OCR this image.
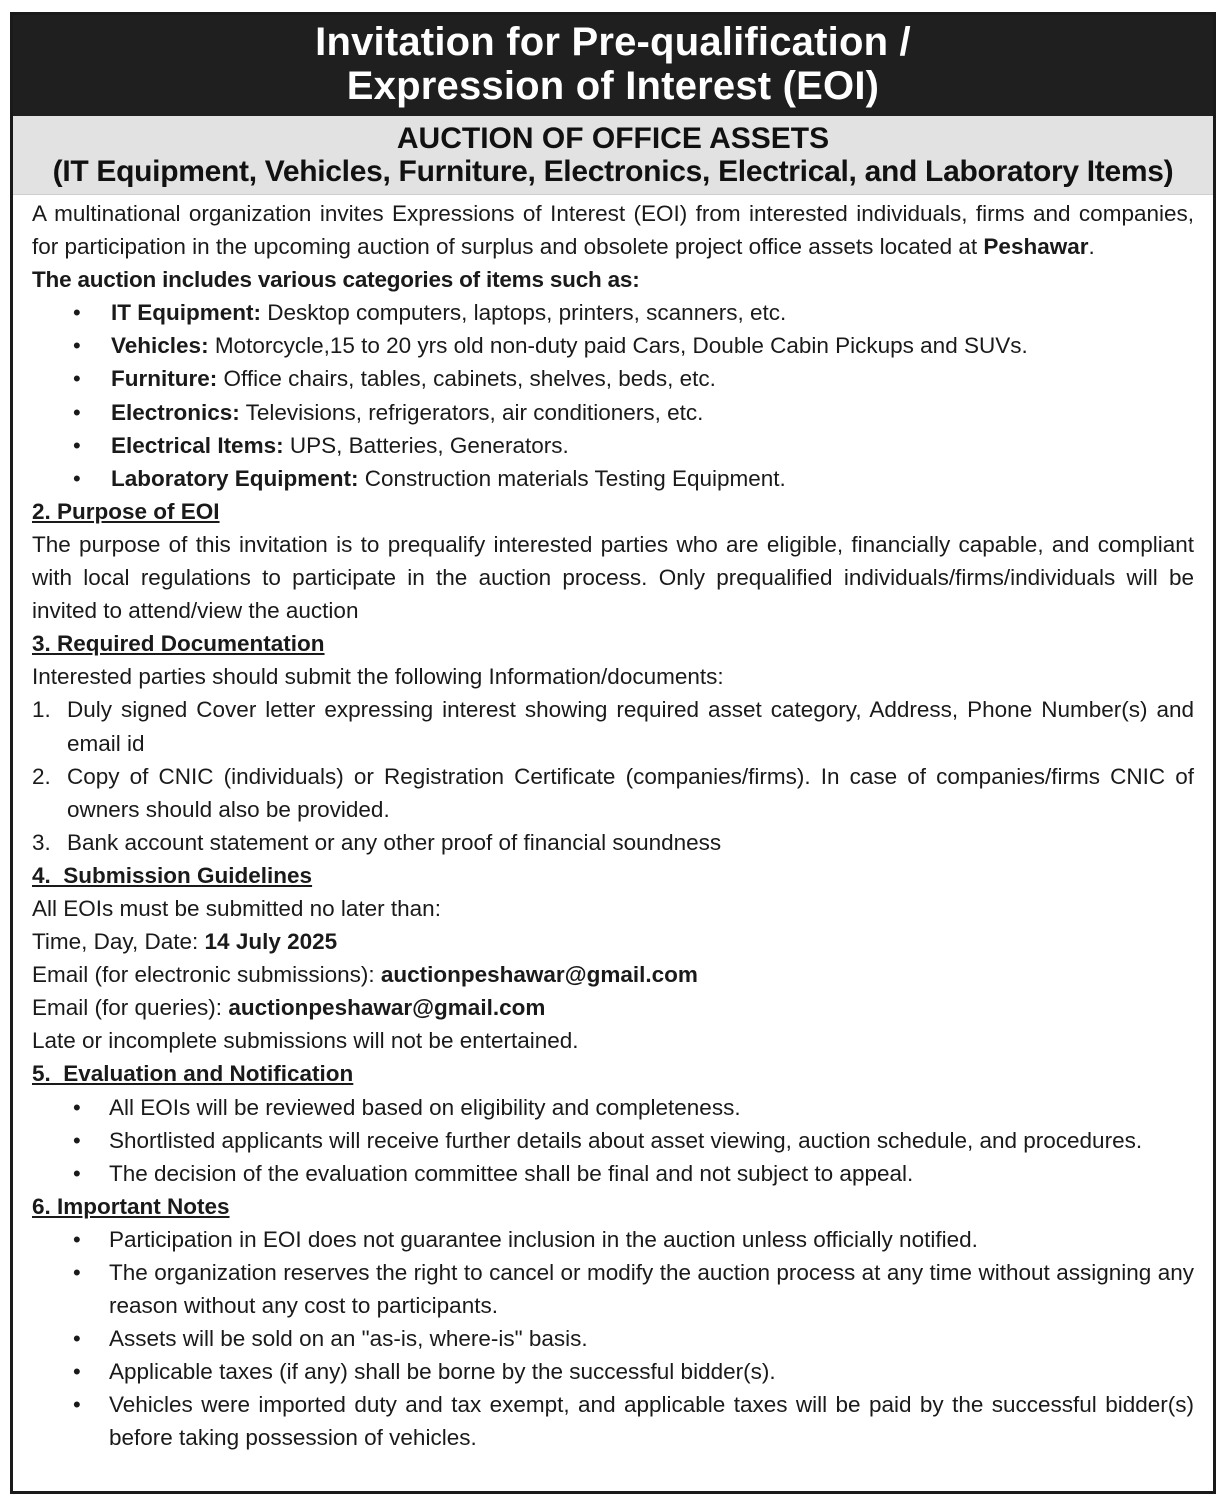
Invitation for Pre-qualification /
Expression of Interest (EOI)
AUCTION OF OFFICE ASSETS
(IT Equipment, Vehicles, Furniture, Electronics, Electrical, and Laboratory Items)

A multinational organization invites Expressions of Interest (EOI) from interested individuals, firms and companies, for participation in the upcoming auction of surplus and obsolete project office assets located at Peshawar.

The auction includes various categories of items such as:

• IT Equipment: Desktop computers, laptops, printers, scanners, etc.
• Vehicles: Motorcycle,15 to 20 yrs old non-duty paid Cars, Double Cabin Pickups and SUVs.
• Furniture: Office chairs, tables, cabinets, shelves, beds, etc.
• Electronics: Televisions, refrigerators, air conditioners, etc.
• Electrical Items: UPS, Batteries, Generators.
• Laboratory Equipment: Construction materials Testing Equipment.

2. Purpose of EOI

The purpose of this invitation is to prequalify interested parties who are eligible, financially capable, and compliant with local regulations to participate in the auction process. Only prequalified individuals/firms/individuals will be invited to attend/view the auction

3. Required Documentation

Interested parties should submit the following Information/documents:

1. Duly signed Cover letter expressing interest showing required asset category, Address, Phone Number(s) and email id
2. Copy of CNIC (individuals) or Registration Certificate (companies/firms). In case of companies/firms CNIC of owners should also be provided.
3. Bank account statement or any other proof of financial soundness

4.  Submission Guidelines

All EOIs must be submitted no later than:

Time, Day, Date: 14 July 2025

Email (for electronic submissions): auctionpeshawar@gmail.com

Email (for queries): auctionpeshawar@gmail.com

Late or incomplete submissions will not be entertained.

5.  Evaluation and Notification

• All EOIs will be reviewed based on eligibility and completeness.
• Shortlisted applicants will receive further details about asset viewing, auction schedule, and procedures.
• The decision of the evaluation committee shall be final and not subject to appeal.

6. Important Notes

• Participation in EOI does not guarantee inclusion in the auction unless officially notified.
• The organization reserves the right to cancel or modify the auction process at any time without assigning any reason without any cost to participants.
• Assets will be sold on an "as-is, where-is" basis.
• Applicable taxes (if any) shall be borne by the successful bidder(s).
• Vehicles were imported duty and tax exempt, and applicable taxes will be paid by the successful bidder(s) before taking possession of vehicles.
